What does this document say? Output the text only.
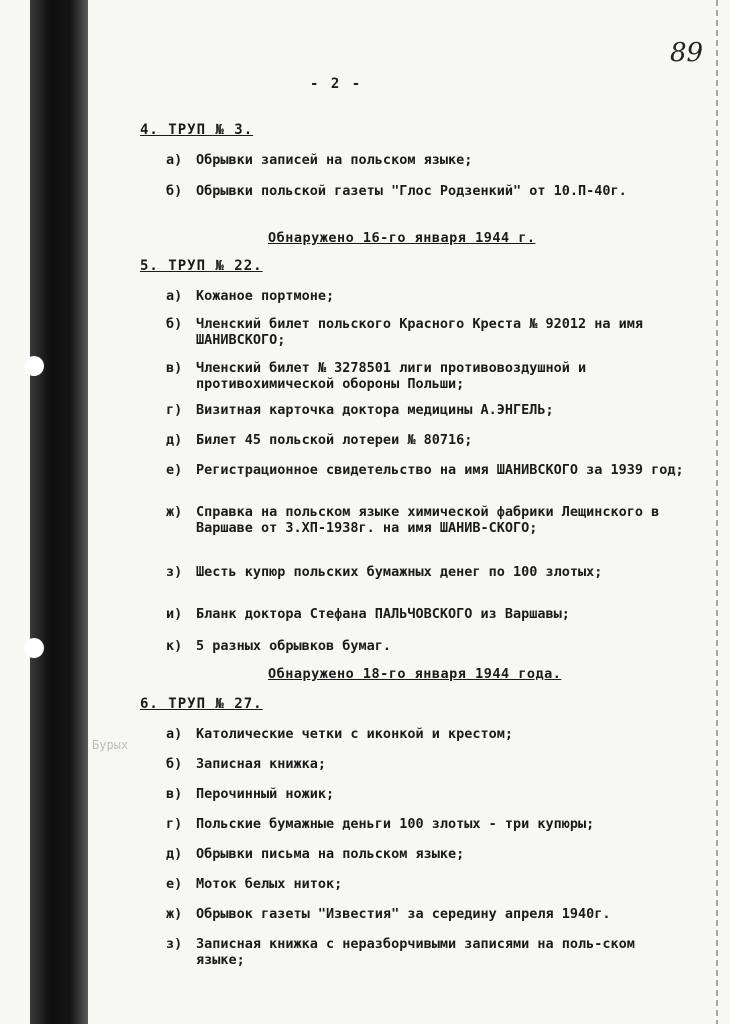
89
- 2 -
4. ТРУП № 3.
а)	Обрывки записей на польском языке;
б)	Обрывки польской газеты "Глос Родзенкий" от 10.П-40г.
Обнаружено 16-го января 1944 г.
5. ТРУП № 22.
а)	Кожаное портмоне;
б)	Членский билет польского Красного Креста № 92012 на имя ШАНИВСКОГО;
в)	Членский билет № 3278501 лиги противовоздушной и противохимической обороны Польши;
г)	Визитная карточка доктора медицины А.ЭНГЕЛЬ;
д)	Билет 45 польской лотереи № 80716;
е)	Регистрационное свидетельство на имя ШАНИВСКОГО за 1939 год;
ж)	Справка на польском языке химической фабрики Лещинского в Варшаве от 3.ХП-1938г. на имя ШАНИВ-СКОГО;
з)	Шесть купюр польских бумажных денег по 100 злотых;
и)	Бланк доктора Стефана ПАЛЬЧОВСКОГО из Варшавы;
к)	5 разных обрывков бумаг.
Обнаружено 18-го января 1944 года.
6. ТРУП № 27.
Бурых
а)	Католические четки с иконкой и крестом;
б)	Записная книжка;
в)	Перочинный ножик;
г)	Польские бумажные деньги 100 злотых - три купюры;
д)	Обрывки письма на польском языке;
е)	Моток белых ниток;
ж)	Обрывок газеты "Известия" за середину апреля 1940г.
з)	Записная книжка с неразборчивыми записями на поль-ском языке;
